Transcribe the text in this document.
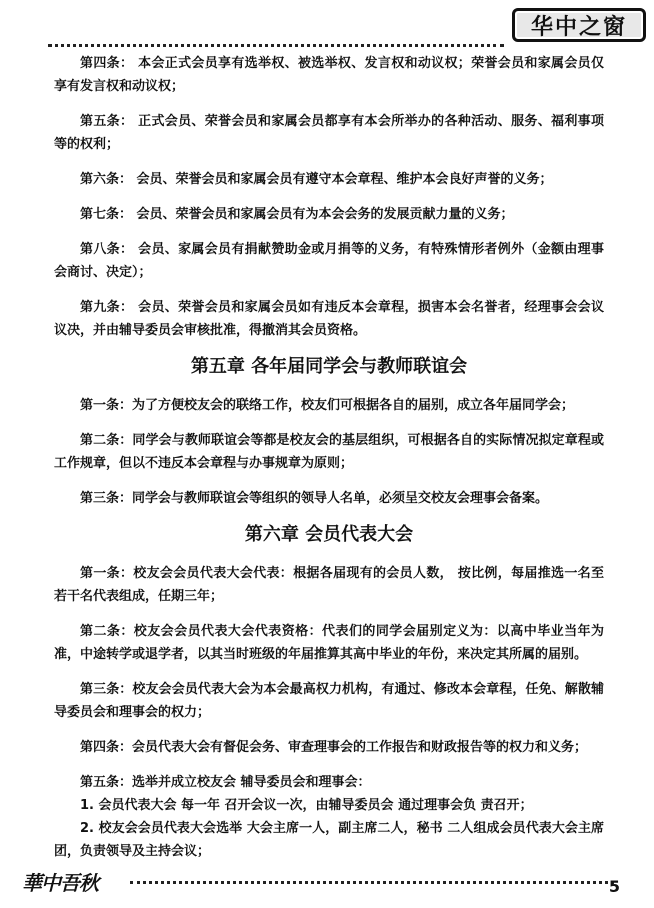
华中之窗

第四条： 本会正式会员享有选举权、被选举权、发言权和动议权；荣誉会员和家属会员仅享有发言权和动议权；

第五条： 正式会员、荣誉会员和家属会员都享有本会所举办的各种活动、服务、福利事项等的权利；

第六条： 会员、荣誉会员和家属会员有遵守本会章程、维护本会良好声誉的义务；

第七条： 会员、荣誉会员和家属会员有为本会会务的发展贡献力量的义务；

第八条： 会员、家属会员有捐献赞助金或月捐等的义务，有特殊情形者例外（金额由理事会商讨、决定）；

第九条： 会员、荣誉会员和家属会员如有违反本会章程，损害本会名誉者，经理事会会议议决，并由辅导委员会审核批准，得撤消其会员资格。

第五章 各年届同学会与教师联谊会

第一条：为了方便校友会的联络工作，校友们可根据各自的届别，成立各年届同学会；

第二条：同学会与教师联谊会等都是校友会的基层组织，可根据各自的实际情况拟定章程或工作规章，但以不违反本会章程与办事规章为原则；

第三条：同学会与教师联谊会等组织的领导人名单，必须呈交校友会理事会备案。

第六章 会员代表大会

第一条：校友会会员代表大会代表：根据各届现有的会员人数， 按比例，每届推选一名至若干名代表组成，任期三年；

第二条：校友会会员代表大会代表资格：代表们的同学会届别定义为：以高中毕业当年为准，中途转学或退学者，以其当时班级的年届推算其高中毕业的年份，来决定其所属的届别。

第三条：校友会会员代表大会为本会最高权力机构，有通过、修改本会章程，任免、解散辅导委员会和理事会的权力；

第四条：会员代表大会有督促会务、审查理事会的工作报告和财政报告等的权力和义务；

第五条：选举并成立校友会 辅导委员会和理事会：

1. 会员代表大会 每一年 召开会议一次，由辅导委员会 通过理事会负 责召开；

2. 校友会会员代表大会选举 大会主席一人，副主席二人，秘书 二人组成会员代表大会主席团，负责领导及主持会议；

華中吾秋	5
